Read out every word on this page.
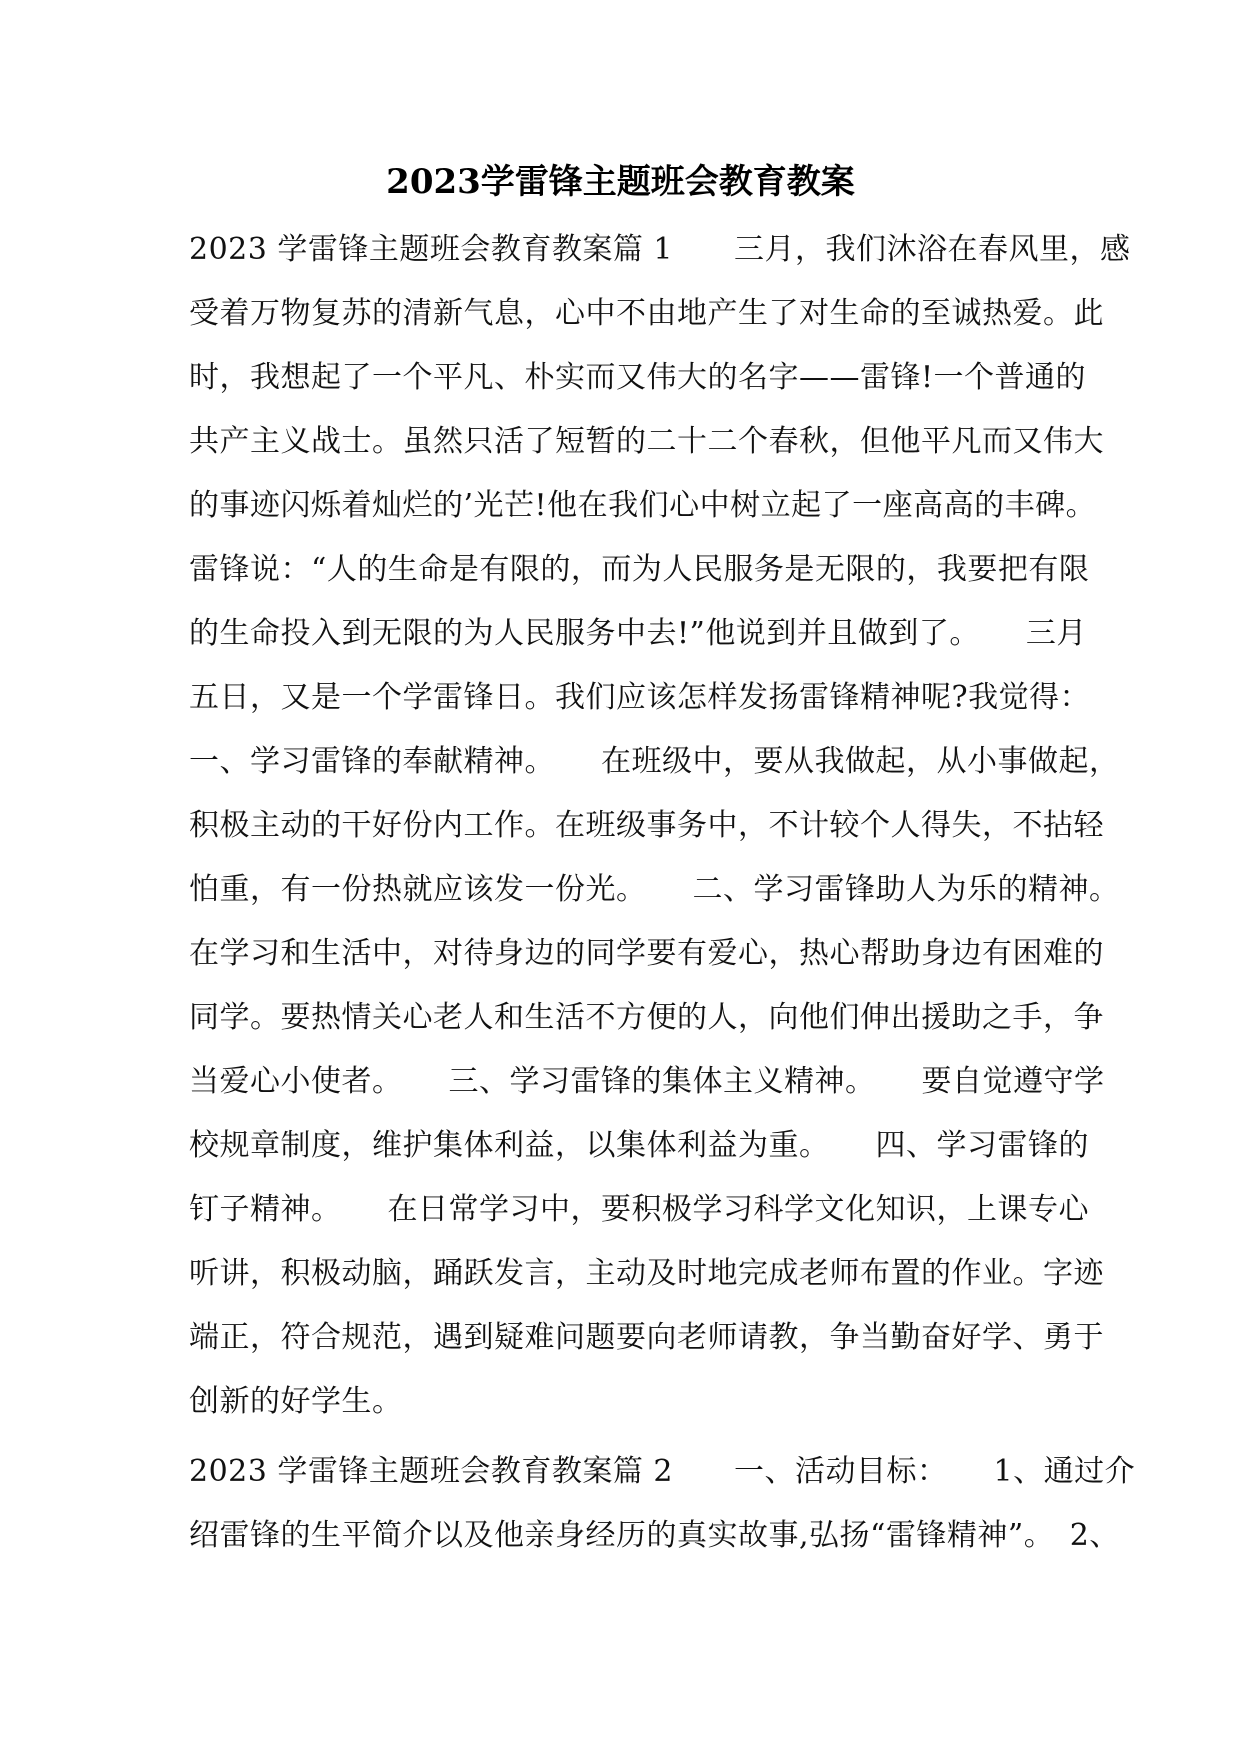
2023学雷锋主题班会教育教案
2023 学雷锋主题班会教育教案篇 1　　三月，我们沐浴在春风里，感
受着万物复苏的清新气息，心中不由地产生了对生命的至诚热爱。此
时，我想起了一个平凡、朴实而又伟大的名字——雷锋!一个普通的
共产主义战士。虽然只活了短暂的二十二个春秋，但他平凡而又伟大
的事迹闪烁着灿烂的’光芒!他在我们心中树立起了一座高高的丰碑。
雷锋说：“人的生命是有限的，而为人民服务是无限的，我要把有限
的生命投入到无限的为人民服务中去!”他说到并且做到了。　　三月
五日，又是一个学雷锋日。我们应该怎样发扬雷锋精神呢?我觉得：
一、学习雷锋的奉献精神。　　在班级中，要从我做起，从小事做起，
积极主动的干好份内工作。在班级事务中，不计较个人得失，不拈轻
怕重，有一份热就应该发一份光。　　二、学习雷锋助人为乐的精神。
在学习和生活中，对待身边的同学要有爱心，热心帮助身边有困难的
同学。要热情关心老人和生活不方便的人，向他们伸出援助之手，争
当爱心小使者。　　三、学习雷锋的集体主义精神。　　要自觉遵守学
校规章制度，维护集体利益，以集体利益为重。　　四、学习雷锋的
钉子精神。　　在日常学习中，要积极学习科学文化知识，上课专心
听讲，积极动脑，踊跃发言，主动及时地完成老师布置的作业。字迹
端正，符合规范，遇到疑难问题要向老师请教，争当勤奋好学、勇于
创新的好学生。
2023 学雷锋主题班会教育教案篇 2　　一、活动目标：　　1、通过介
绍雷锋的生平简介以及他亲身经历的真实故事,弘扬“雷锋精神”。　2、
